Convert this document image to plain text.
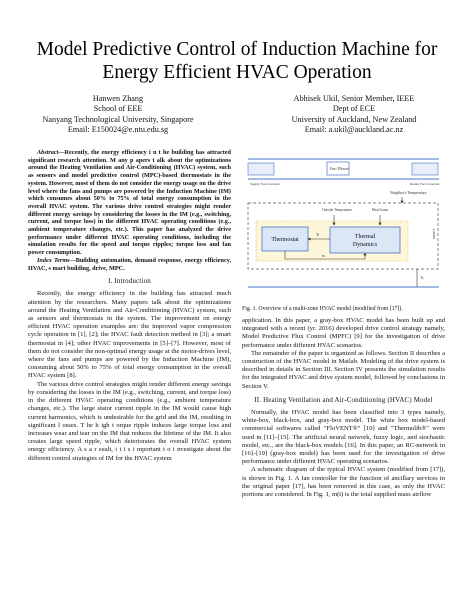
Model Predictive Control of Induction Machine for Energy Efficient HVAC Operation
Hanwen Zhang
School of EEE
Nanyang Technological University, Singapore
Email: E150024@e.ntu.edu.sg
Abhisek Ukil, Senior Member, IEEE
Dept of ECE
University of Auckland, New Zealand
Email: a.ukil@auckland.ac.nz

Abstract—Recently, the energy efficiency i n t he building has attracted significant research attention. M any p apers t alk about the optimizations around the Heating Ventilation and Air-Conditioning (HVAC) system, such as sensors and model predictive control (MPC)-based thermostats in the system. However, most of them do not consider the energy usage on the drive level where the fans and pumps are powered by the Induction Machine (IM) which consumes about 50% to 75% of total energy consumption in the overall HVAC system. The various drive control strategies might render different energy savings by considering the losses in the IM (e.g., switching, current, and torque loss) in the different HVAC operating conditions (e.g., ambient temperature changes, etc.). This paper has analyzed the drive performance under different HVAC operating conditions, including the simulation results for the speed and torque ripples; torque loss and fan power consumption.

Index Terms—Building automation, demand response, energy efficiency, HVAC, s mart building, drive, MPC.

I. Introduction

Recently, the energy efficiency in the building has attracted much attention by the researchers. Many papers talk about the optimizations around the Heating Ventilation and Air-Conditioning (HVAC) system, such as sensors and thermostats in the system. The improvement on energy efficient HVAC operation examples are: the improved vapor compression cycle operation in [1], [2]; the HVAC fault detection method in [3]; a smart thermostat in [4]; other HVAC improvements in [5]–[7]. However, most of them do not consider the non-optimal energy usage at the motor-drives level, where the fans and pumps are powered by the Induction Machine (IM), consuming about 50% to 75% of total energy consumption in the overall HVAC system [8].

The various drive control strategies might render different energy savings by considering the losses in the IM (e.g., switching, current, and torque loss) in the different HVAC operating conditions (e.g., ambient temperature changes, etc.). The large stator current ripple in the IM would cause high current harmonics, which is undesirable for the grid and the IM, resulting in significant l osses. T he h igh t orque ripple induces large torque loss and increases wear and tear on the IM that reduces the lifetime of the IM. It also creates large speed ripple, which deteriorates the overall HVAC system energy efficiency. A s a r esult, i t i s i mportant t o i nvestigate about the different control strategies of IM for the HVAC system

Supply Fan Converter
Fan / Blower
Return Fan Converter
Neighbor's Temperature
zone i
Outside Temperature	Heat Gains
Thermostat	Thermal
Dynamics
Ti
m
Ts
Fig. 1. Overview of a multi-zone HVAC model (modified from [17]).

application. In this paper, a gray-box HVAC model has been built up and integrated with a recent (yr. 2016) developed drive control strategy namely, Model Predictive Flux Control (MPFC) [9] for the investigation of drive performance under different HVAC scenarios.

The remainder of the paper is organized as follows. Section II describes a construction of the HVAC model in Matlab. Modeling of the drive system is described in details in Section III. Section IV presents the simulation results for the integrated HVAC and drive system model, followed by conclusions in Section V.

II. Heating Ventilation and Air-Conditioning (HVAC) Model

Normally, the HVAC model has been classified into 3 types namely, white-box, black-box, and gray-box model. The white box model-based commercial softwares called "FloVENT®" [10] and "Thermolib®" were used in [11]–[15]. The artificial neural network, fuzzy logic, and stochastic model, etc., are the black-box models [16]. In this paper, an RC-network in [16]–[19] (gray-box model) has been used for the investigation of drive performance under different HVAC operating scenarios.

A schematic diagram of the typical HVAC system (modified from [17]), is shown in Fig. 1. A fan controller for the function of ancillary services in the original paper [17], has been removed in this case, as only the HVAC portions are considered. In Fig. 1, m(t) is the total supplied mass airflow
